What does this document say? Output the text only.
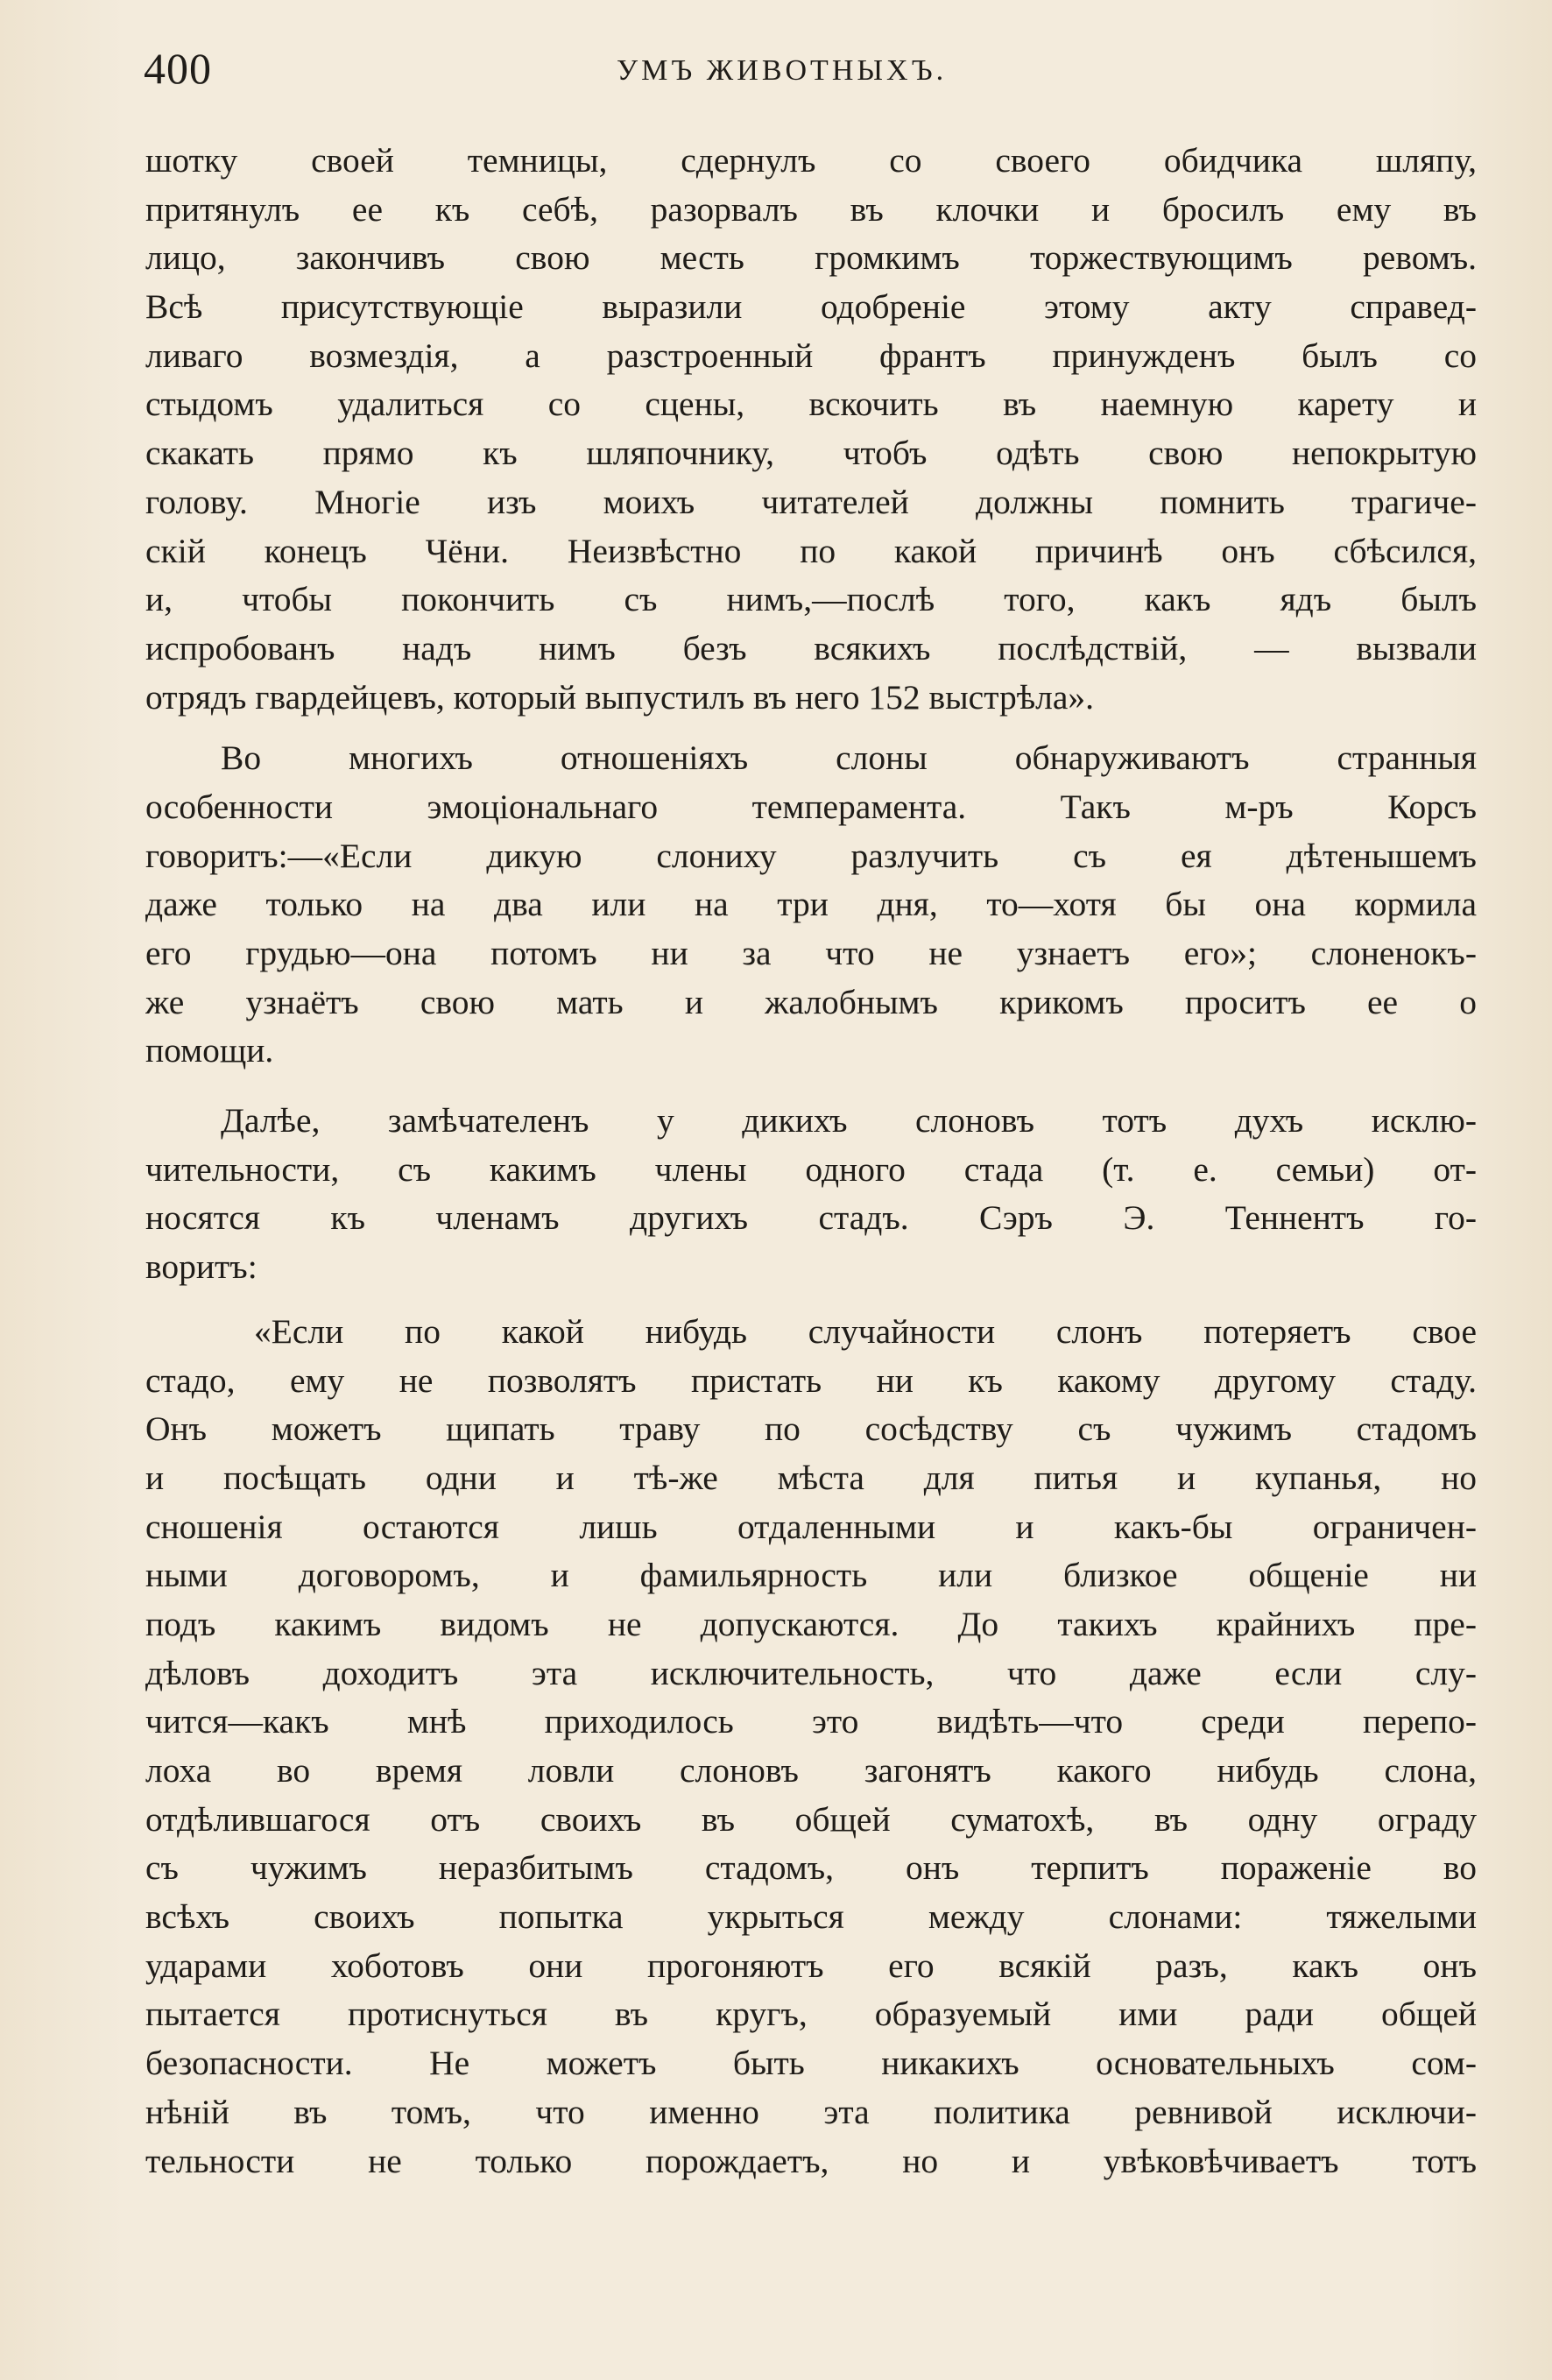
400	УМЪ ЖИВОТНЫХЪ.
шотку своей темницы, сдернулъ со своего обидчика шляпу,
притянулъ ее къ себѣ, разорвалъ въ клочки и бросилъ ему въ
лицо, закончивъ свою месть громкимъ торжествующимъ ревомъ.
Всѣ присутствующіе выразили одобреніе этому акту справед-
ливаго возмездія, а разстроенный франтъ принужденъ былъ со
стыдомъ удалиться со сцены, вскочить въ наемную карету и
скакать прямо къ шляпочнику, чтобъ одѣть свою непокрытую
голову. Многіе изъ моихъ читателей должны помнить трагиче-
скій конецъ Чёни. Неизвѣстно по какой причинѣ онъ сбѣсился,
и, чтобы покончить съ нимъ,—послѣ того, какъ ядъ былъ
испробованъ надъ нимъ безъ всякихъ послѣдствій, — вызвали
отрядъ гвардейцевъ, который выпустилъ въ него 152 выстрѣла».
Во многихъ отношеніяхъ слоны обнаруживаютъ странныя
особенности эмоціональнаго темперамента. Такъ м-ръ Корсъ
говоритъ:—«Если дикую слониху разлучить съ ея дѣтенышемъ
даже только на два или на три дня, то—хотя бы она кормила
его грудью—она потомъ ни за что не узнаетъ его»; слоненокъ-
же узнаётъ свою мать и жалобнымъ крикомъ проситъ ее о
помощи.
Далѣе, замѣчателенъ у дикихъ слоновъ тотъ духъ исклю-
чительности, съ какимъ члены одного стада (т. е. семьи) от-
носятся къ членамъ другихъ стадъ. Сэръ Э. Теннентъ го-
воритъ:
«Если по какой нибудь случайности слонъ потеряетъ свое
стадо, ему не позволятъ пристать ни къ какому другому стаду.
Онъ можетъ щипать траву по сосѣдству съ чужимъ стадомъ
и посѣщать одни и тѣ-же мѣста для питья и купанья, но
сношенія остаются лишь отдаленными и какъ-бы ограничен-
ными договоромъ, и фамильярность или близкое общеніе ни
подъ какимъ видомъ не допускаются. До такихъ крайнихъ пре-
дѣловъ доходитъ эта исключительность, что даже если слу-
чится—какъ мнѣ приходилось это видѣть—что среди перепо-
лоха во время ловли слоновъ загонятъ какого нибудь слона,
отдѣлившагося отъ своихъ въ общей суматохѣ, въ одну ограду
съ чужимъ неразбитымъ стадомъ, онъ терпитъ пораженіе во
всѣхъ своихъ попытка укрыться между слонами: тяжелыми
ударами хоботовъ они прогоняютъ его всякій разъ, какъ онъ
пытается протиснуться въ кругъ, образуемый ими ради общей
безопасности. Не можетъ быть никакихъ основательныхъ сом-
нѣній въ томъ, что именно эта политика ревнивой исключи-
тельности не только порождаетъ, но и увѣковѣчиваетъ тотъ
